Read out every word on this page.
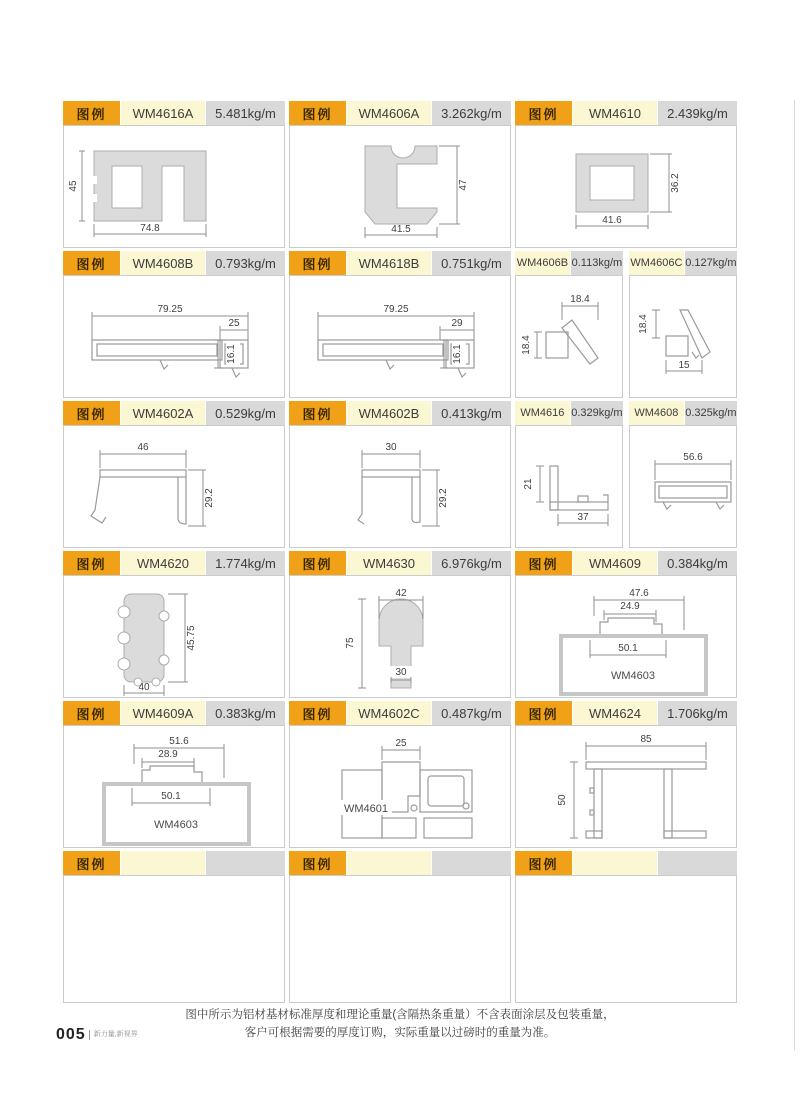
图例	WM4616A	5.481kg/m
45
74.8
图例	WM4606A	3.262kg/m
47
41.5
图例	WM4610	2.439kg/m
36.2
41.6
图例	WM4608B	0.793kg/m
79.25
25
16.1
图例	WM4618B	0.751kg/m
79.25
29
16.1
WM4606B 0.113kg/m WM4606C 0.127kg/m
18.4
18.4
18.4
15
图例	WM4602A	0.529kg/m
46
29.2
图例	WM4602B	0.413kg/m
30
29.2
WM4616 0.329kg/m	WM4608 0.325kg/m
21
37
56.6
图例	WM4620	1.774kg/m
45.75
40
图例	WM4630	6.976kg/m
42
75
30
图例	WM4609	0.384kg/m
47.6
24.9
50.1
WM4603
图例	WM4609A	0.383kg/m
51.6
28.9
50.1
WM4603
图例	WM4602C	0.487kg/m
WM4601
25
图例	WM4624	1.706kg/m
85
50
图例	图例	图例
图中所示为铝材基材标准厚度和理论重量(含隔热条重量）不含表面涂层及包装重量，
客户可根据需要的厚度订购，实际重量以过磅时的重量为准。
005	新力量,新视界
